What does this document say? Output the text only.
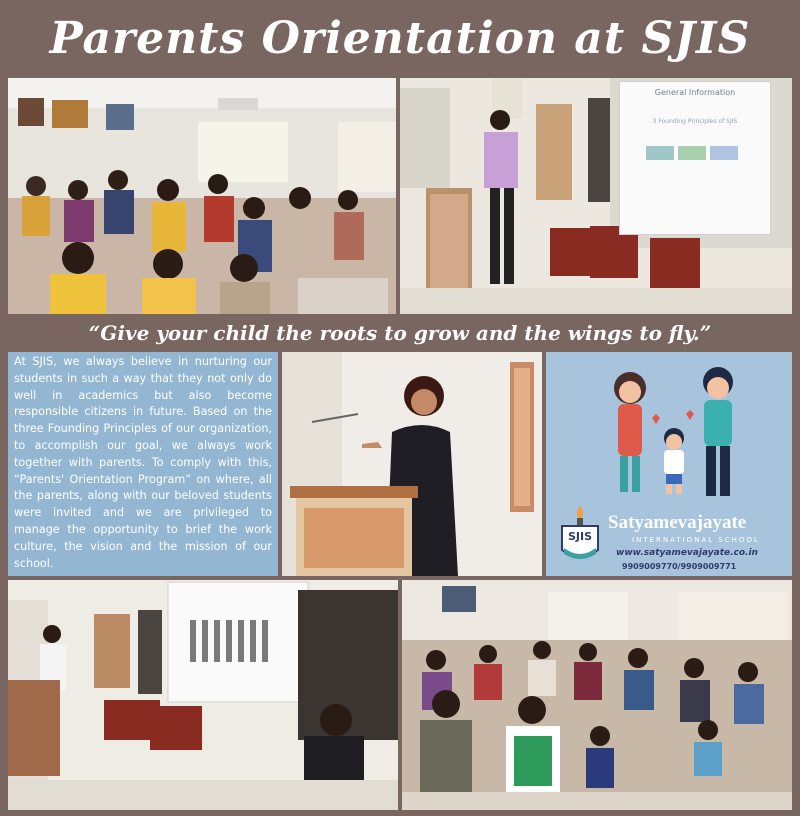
Parents Orientation at SJIS
General Information
3 Founding Principles of SJIS
“Give your child the roots to grow and the wings to fly.”
At SJIS, we always believe in nurturing our students in such a way that they not only do well in academics but also become responsible citizens in future. Based on the three Founding Principles of our organization, to accomplish our goal, we always work together with parents. To comply with this, “Parents' Orientation Program” on where, all the parents, along with our beloved students were invited and we are privileged to manage the opportunity to brief the work culture, the vision and the mission of our school.
SJIS
Satyamevajayate
INTERNATIONAL SCHOOL
www.satyamevajayate.co.in
9909009770/9909009771
